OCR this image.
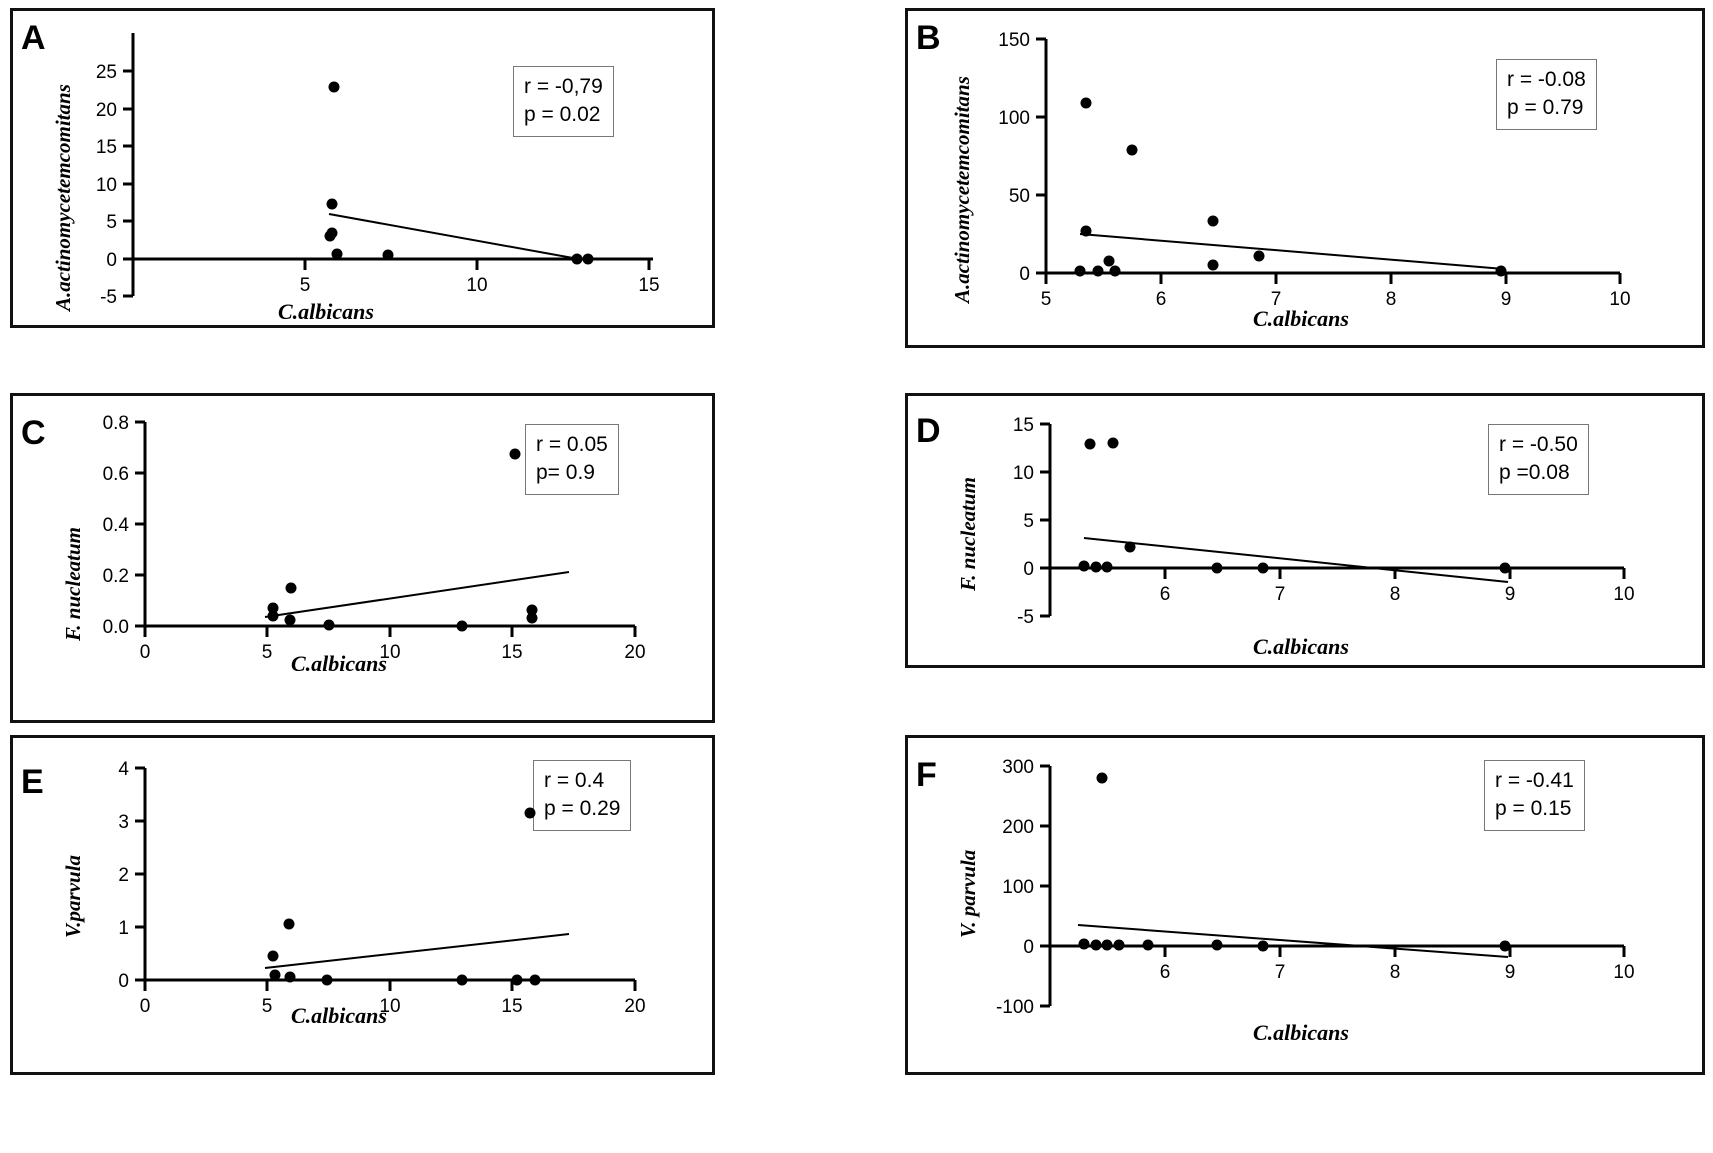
A
r = -0,79
p = 0.02
A.actinomycetemcomitans
C.albicans
-5
0
5
10
15
20
25
5	10	15
B
r = -0.08
p = 0.79
A.actinomycetemcomitans
C.albicans
0
50
100
150
5	6	7	8	9	10
C	r = 0.05
p= 0.9
F. nucleatum
C.albicans
0.0
0.2
0.4
0.6
0.8
0	5	10	15	20
D	r = -0.50
p =0.08
F. nucleatum
C.albicans
-5
0
5
10
15
6	7	8	9	10
E	r = 0.4
p = 0.29
V.parvula
C.albicans
0
1
2
3
4
0	5	10	15	20
F	r = -0.41
p = 0.15
V. parvula
C.albicans
-100
0
100
200
300
6	7	8	9	10
